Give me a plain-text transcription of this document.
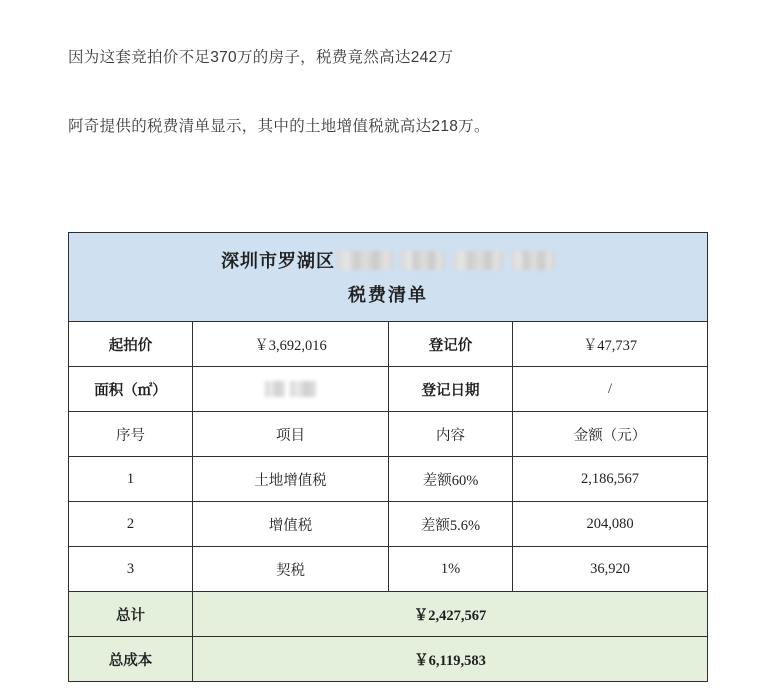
因为这套竞拍价不足370万的房子，税费竟然高达242万

阿奇提供的税费清单显示，其中的土地增值税就高达218万。

深圳市罗湖区
税费清单			

起拍价	￥3,692,016	登记价	￥47,737
面积（㎡）		登记日期	/
序号	项目	内容	金额（元）
1	土地增值税	差额60%	2,186,567
2	增值税	差额5.6%	204,080
3	契税	1%	36,920
总计	￥2,427,567		
总成本	￥6,119,583		
